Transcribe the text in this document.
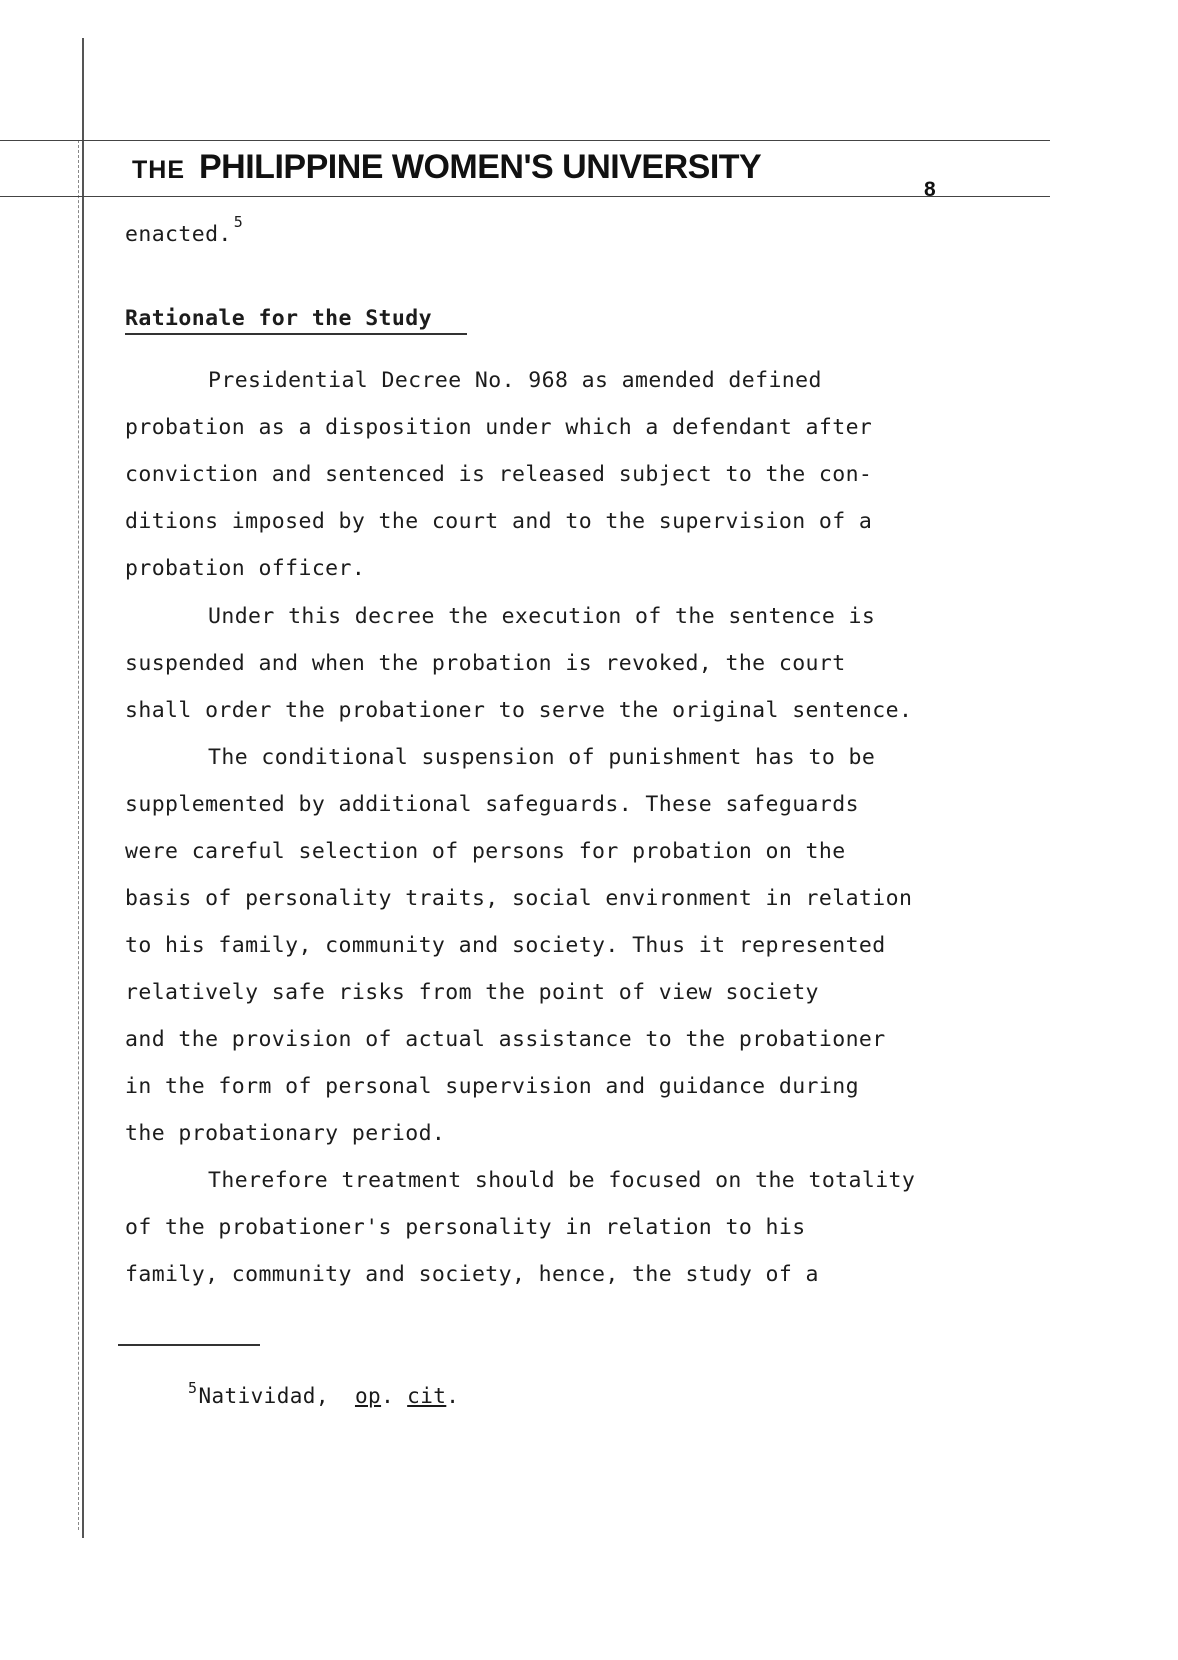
THE PHILIPPINE WOMEN'S UNIVERSITY
8
enacted. $^5$
Rationale for the Study
Presidential Decree No. 968 as amended defined
probation as a disposition under which a defendant after
conviction and sentenced is released subject to the con-
ditions imposed by the court and to the supervision of a
probation officer.
Under this decree the execution of the sentence is
suspended and when the probation is revoked, the court
shall order the probationer to serve the original sentence.
The conditional suspension of punishment has to be
supplemented by additional safeguards. These safeguards
were careful selection of persons for probation on the
basis of personality traits, social environment in relation
to his family, community and society. Thus it represented
relatively safe risks from the point of view society
and the provision of actual assistance to the probationer
in the form of personal supervision and guidance during
the probationary period.
Therefore treatment should be focused on the totality
of the probationer's personality in relation to his
family, community and society, hence, the study of a
$^5$Natividad, op. cit.
